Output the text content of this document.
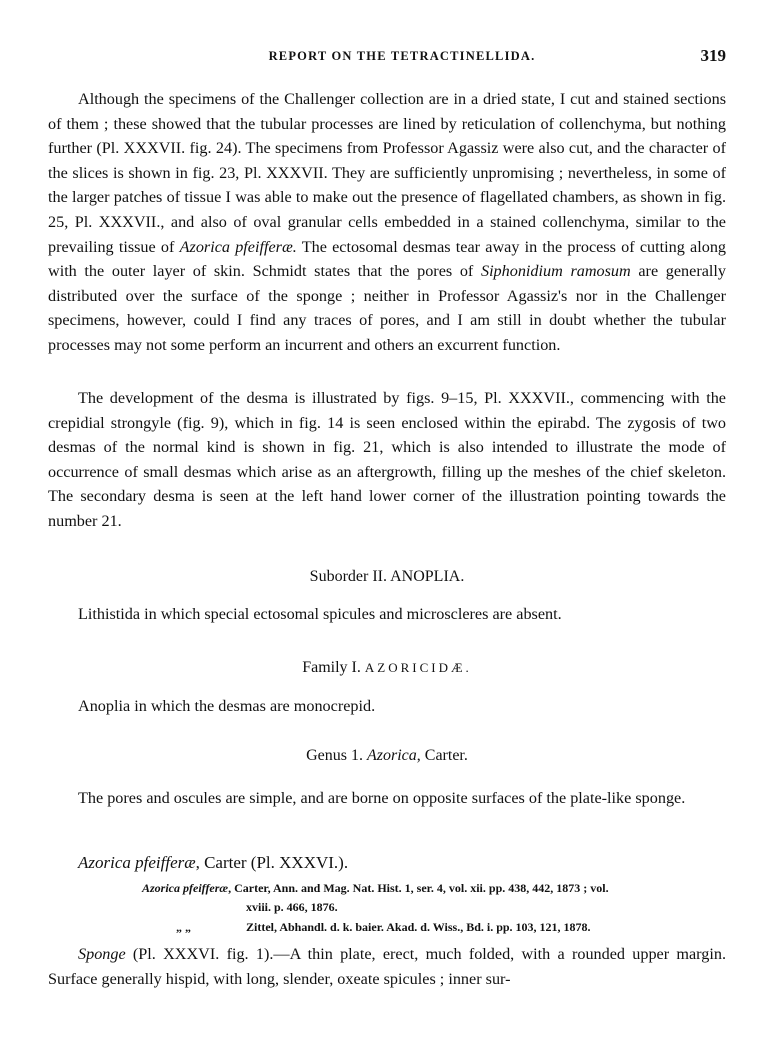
REPORT ON THE TETRACTINELLIDA.	319

Although the specimens of the Challenger collection are in a dried state, I cut and stained sections of them ; these showed that the tubular processes are lined by reticulation of collenchyma, but nothing further (Pl. XXXVII. fig. 24). The specimens from Professor Agassiz were also cut, and the character of the slices is shown in fig. 23, Pl. XXXVII. They are sufficiently unpromising ; nevertheless, in some of the larger patches of tissue I was able to make out the presence of flagellated chambers, as shown in fig. 25, Pl. XXXVII., and also of oval granular cells embedded in a stained collenchyma, similar to the prevailing tissue of Azorica pfeifferæ. The ectosomal desmas tear away in the process of cutting along with the outer layer of skin. Schmidt states that the pores of Siphonidium ramosum are generally distributed over the surface of the sponge ; neither in Professor Agassiz's nor in the Challenger specimens, however, could I find any traces of pores, and I am still in doubt whether the tubular processes may not some perform an incurrent and others an excurrent function.

The development of the desma is illustrated by figs. 9–15, Pl. XXXVII., commencing with the crepidial strongyle (fig. 9), which in fig. 14 is seen enclosed within the epirabd. The zygosis of two desmas of the normal kind is shown in fig. 21, which is also intended to illustrate the mode of occurrence of small desmas which arise as an aftergrowth, filling up the meshes of the chief skeleton. The secondary desma is seen at the left hand lower corner of the illustration pointing towards the number 21.

Suborder II. ANOPLIA.

Lithistida in which special ectosomal spicules and microscleres are absent.

Family I. AZORICIDÆ.

Anoplia in which the desmas are monocrepid.

Genus 1. Azorica, Carter.

The pores and oscules are simple, and are borne on opposite surfaces of the plate-like sponge.

Azorica pfeifferæ, Carter (Pl. XXXVI.).

Azorica pfeifferæ, Carter, Ann. and Mag. Nat. Hist. 1, ser. 4, vol. xii. pp. 438, 442, 1873 ; vol.

xviii. p. 466, 1876.

„ „	Zittel, Abhandl. d. k. baier. Akad. d. Wiss., Bd. i. pp. 103, 121, 1878.

Sponge (Pl. XXXVI. fig. 1).—A thin plate, erect, much folded, with a rounded upper margin. Surface generally hispid, with long, slender, oxeate spicules ; inner sur-
